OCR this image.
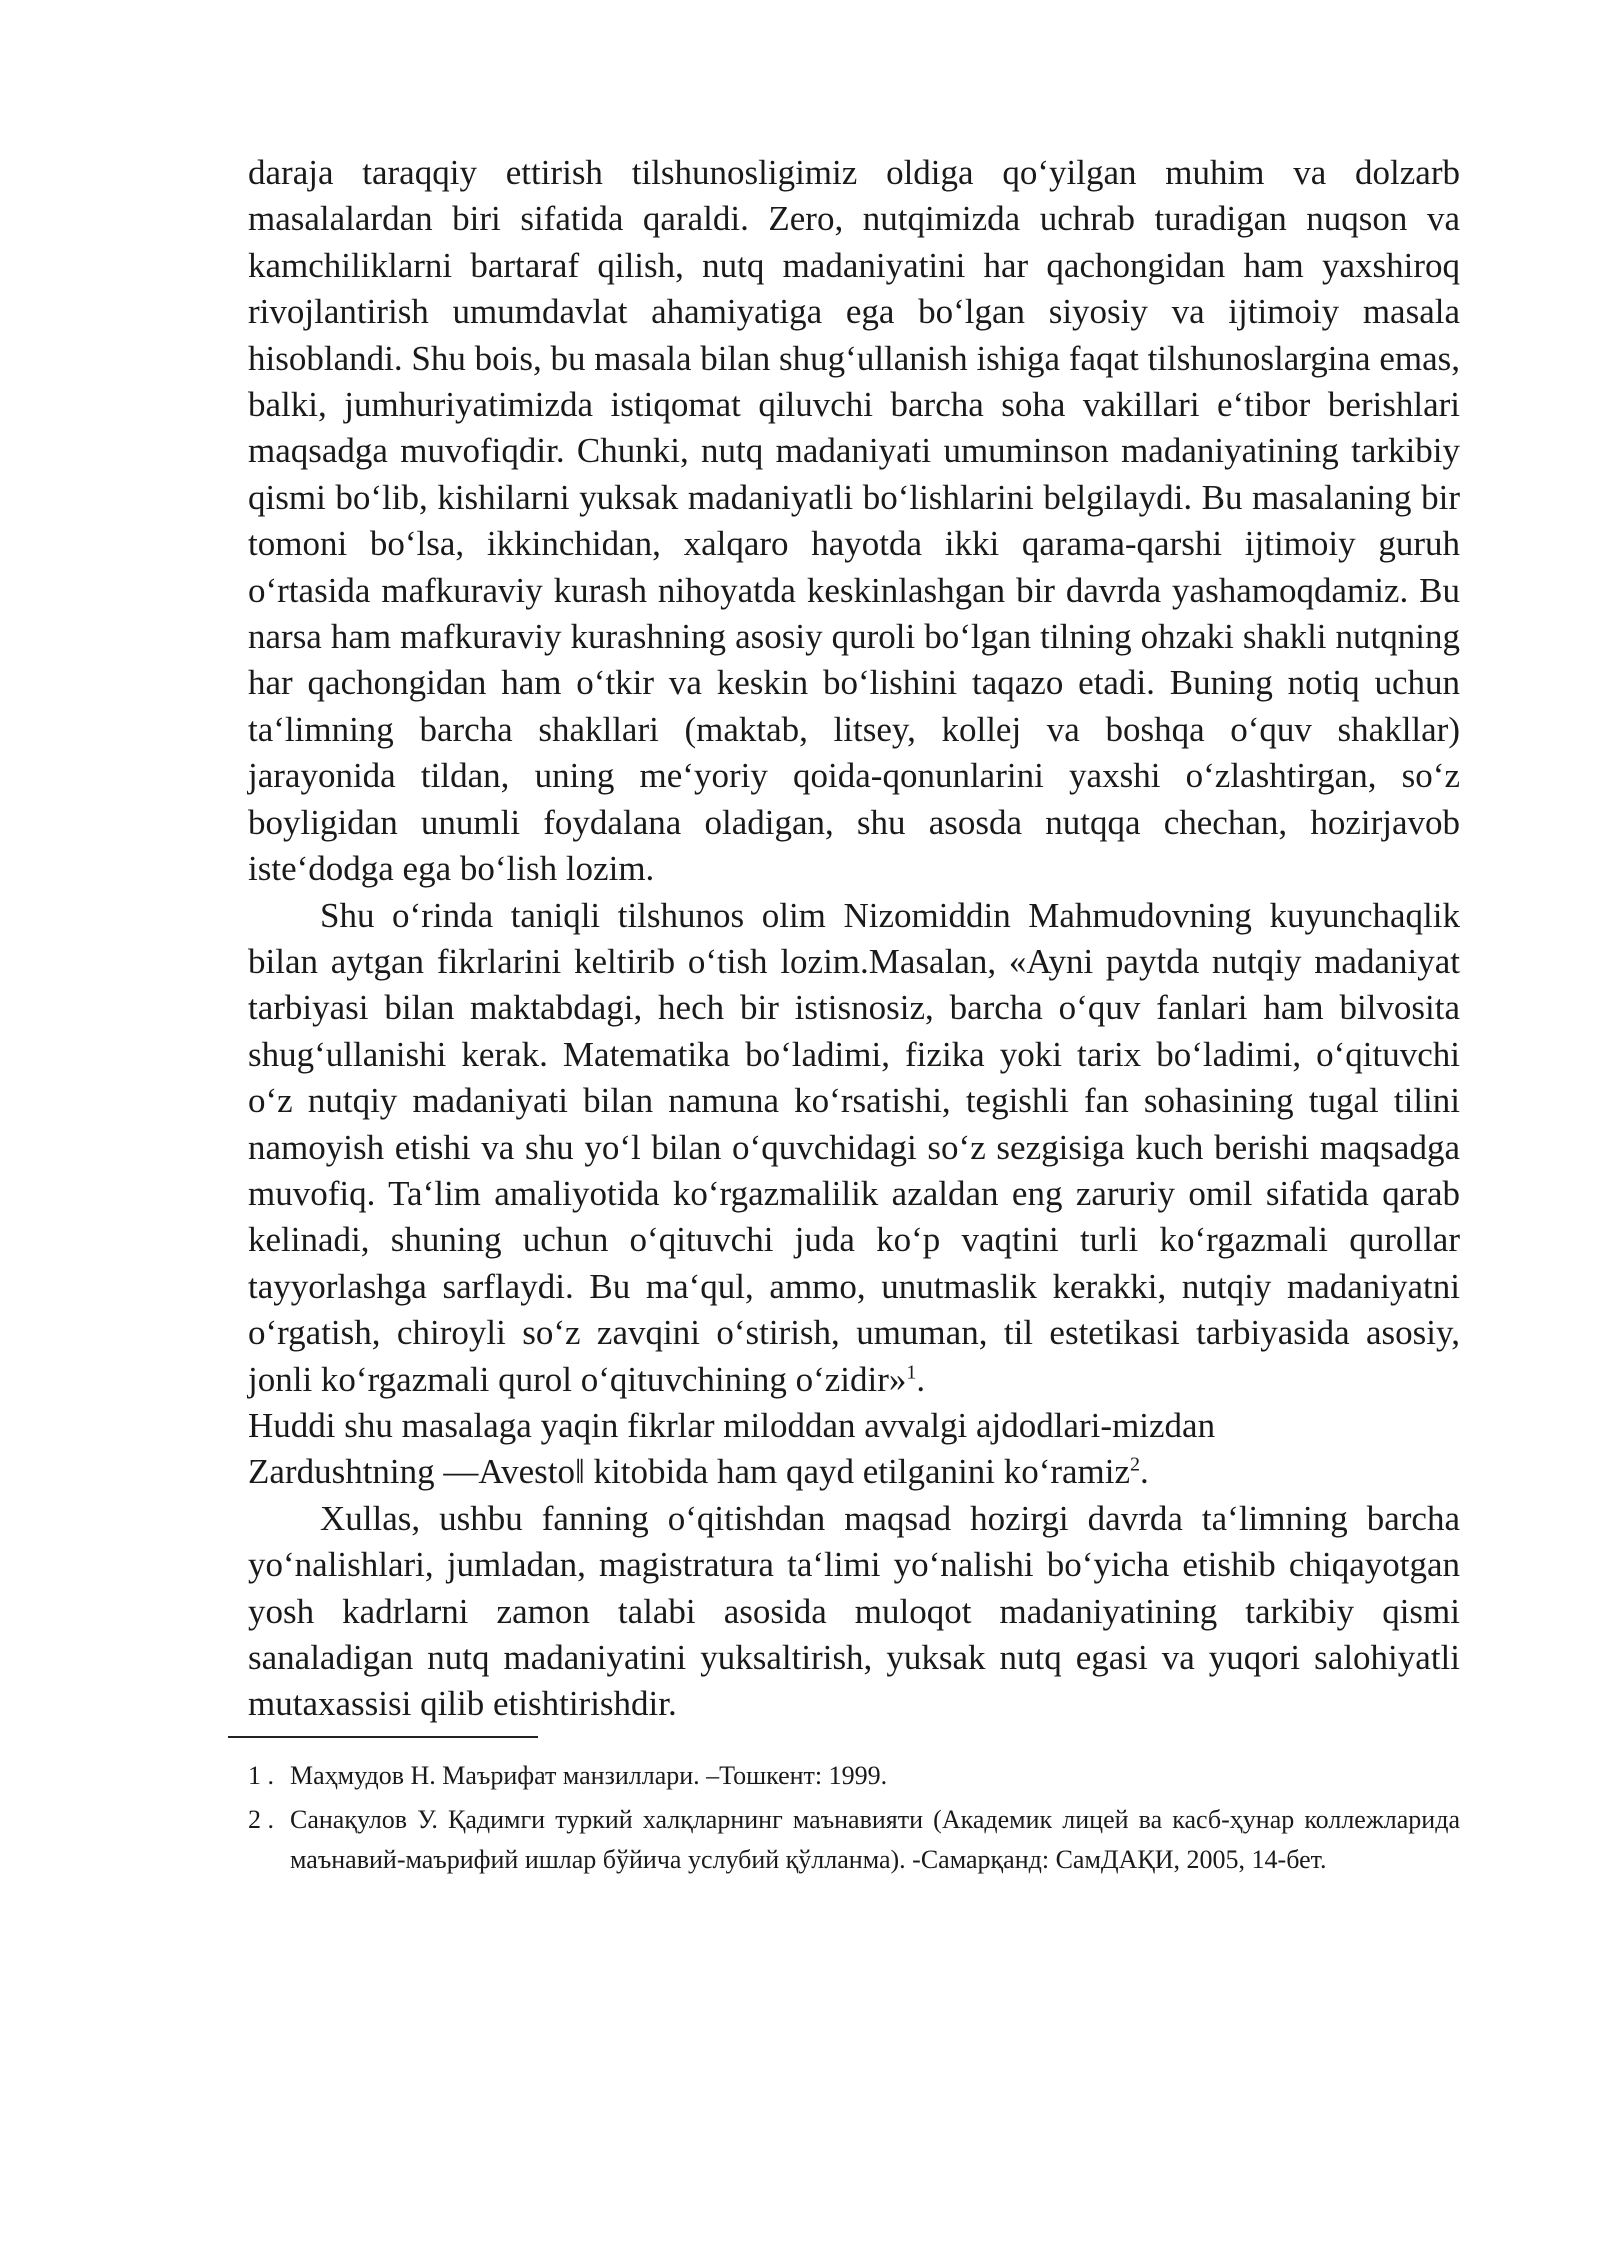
daraja taraqqiy ettirish tilshunosligimiz oldiga qo‘yilgan muhim va dolzarb masalalardan biri sifatida qaraldi. Zero, nutqimizda uchrab turadigan nuqson va kamchiliklarni bartaraf qilish, nutq madaniyatini har qachongidan ham yaxshiroq rivojlantirish umumdavlat ahamiyatiga ega bo‘lgan siyosiy va ijtimoiy masala hisoblandi. Shu bois, bu masala bilan shug‘ullanish ishiga faqat tilshunoslargina emas, balki, jumhuriyatimizda istiqomat qiluvchi barcha soha vakillari e‘tibor berishlari maqsadga muvofiqdir. Chunki, nutq madaniyati umuminson madaniyatining tarkibiy qismi bo‘lib, kishilarni yuksak madaniyatli bo‘lishlarini belgilaydi. Bu masalaning bir tomoni bo‘lsa, ikkinchidan, xalqaro hayotda ikki qarama-qarshi ijtimoiy guruh o‘rtasida mafkuraviy kurash nihoyatda keskinlashgan bir davrda yashamoqdamiz. Bu narsa ham mafkuraviy kurashning asosiy quroli bo‘lgan tilning ohzaki shakli nutqning har qachongidan ham o‘tkir va keskin bo‘lishini taqazo etadi. Buning notiq uchun ta‘limning barcha shakllari (maktab, litsey, kollej va boshqa o‘quv shakllar) jarayonida tildan, uning me‘yoriy qoida-qonunlarini yaxshi o‘zlashtirgan, so‘z boyligidan unumli foydalana oladigan, shu asosda nutqqa chechan, hozirjavob iste‘dodga ega bo‘lish lozim.

Shu o‘rinda taniqli tilshunos olim Nizomiddin Mahmudovning kuyunchaqlik bilan aytgan fikrlarini keltirib o‘tish lozim.Masalan, «Ayni paytda nutqiy madaniyat tarbiyasi bilan maktabdagi, hech bir istisnosiz, barcha o‘quv fanlari ham bilvosita shug‘ullanishi kerak. Matematika bo‘ladimi, fizika yoki tarix bo‘ladimi, o‘qituvchi o‘z nutqiy madaniyati bilan namuna ko‘rsatishi, tegishli fan sohasining tugal tilini namoyish etishi va shu yo‘l bilan o‘quvchidagi so‘z sezgisiga kuch berishi maqsadga muvofiq. Ta‘lim amaliyotida ko‘rgazmalilik azaldan eng zaruriy omil sifatida qarab kelinadi, shuning uchun o‘qituvchi juda ko‘p vaqtini turli ko‘rgazmali qurollar tayyorlashga sarflaydi. Bu ma‘qul, ammo, unutmaslik kerakki, nutqiy madaniyatni o‘rgatish, chiroyli so‘z zavqini o‘stirish, umuman, til estetikasi tarbiyasida asosiy, jonli ko‘rgazmali qurol o‘qituvchining o‘zidir»$^1$.

Huddi shu masalaga yaqin fikrlar miloddan avvalgi ajdodlari-mizdan
Zardushtning ―Avesto‖ kitobida ham qayd etilganini ko‘ramiz$^2$.

Xullas, ushbu fanning o‘qitishdan maqsad hozirgi davrda ta‘limning barcha yo‘nalishlari, jumladan, magistratura ta‘limi yo‘nalishi bo‘yicha etishib chiqayotgan yosh kadrlarni zamon talabi asosida muloqot madaniyatining tarkibiy qismi sanaladigan nutq madaniyatini yuksaltirish, yuksak nutq egasi va yuqori salohiyatli mutaxassisi qilib etishtirishdir.

1 . Маҳмудов Н. Маърифат манзиллари. –Тошкент: 1999.
2 . Санақулов У. Қадимги туркий халқларнинг маънавияти (Академик лицей ва касб-ҳунар коллежларида маънавий-маърифий ишлар бўйича услубий қўлланма). -Самарқанд: СамДАҚИ, 2005, 14-бет.
